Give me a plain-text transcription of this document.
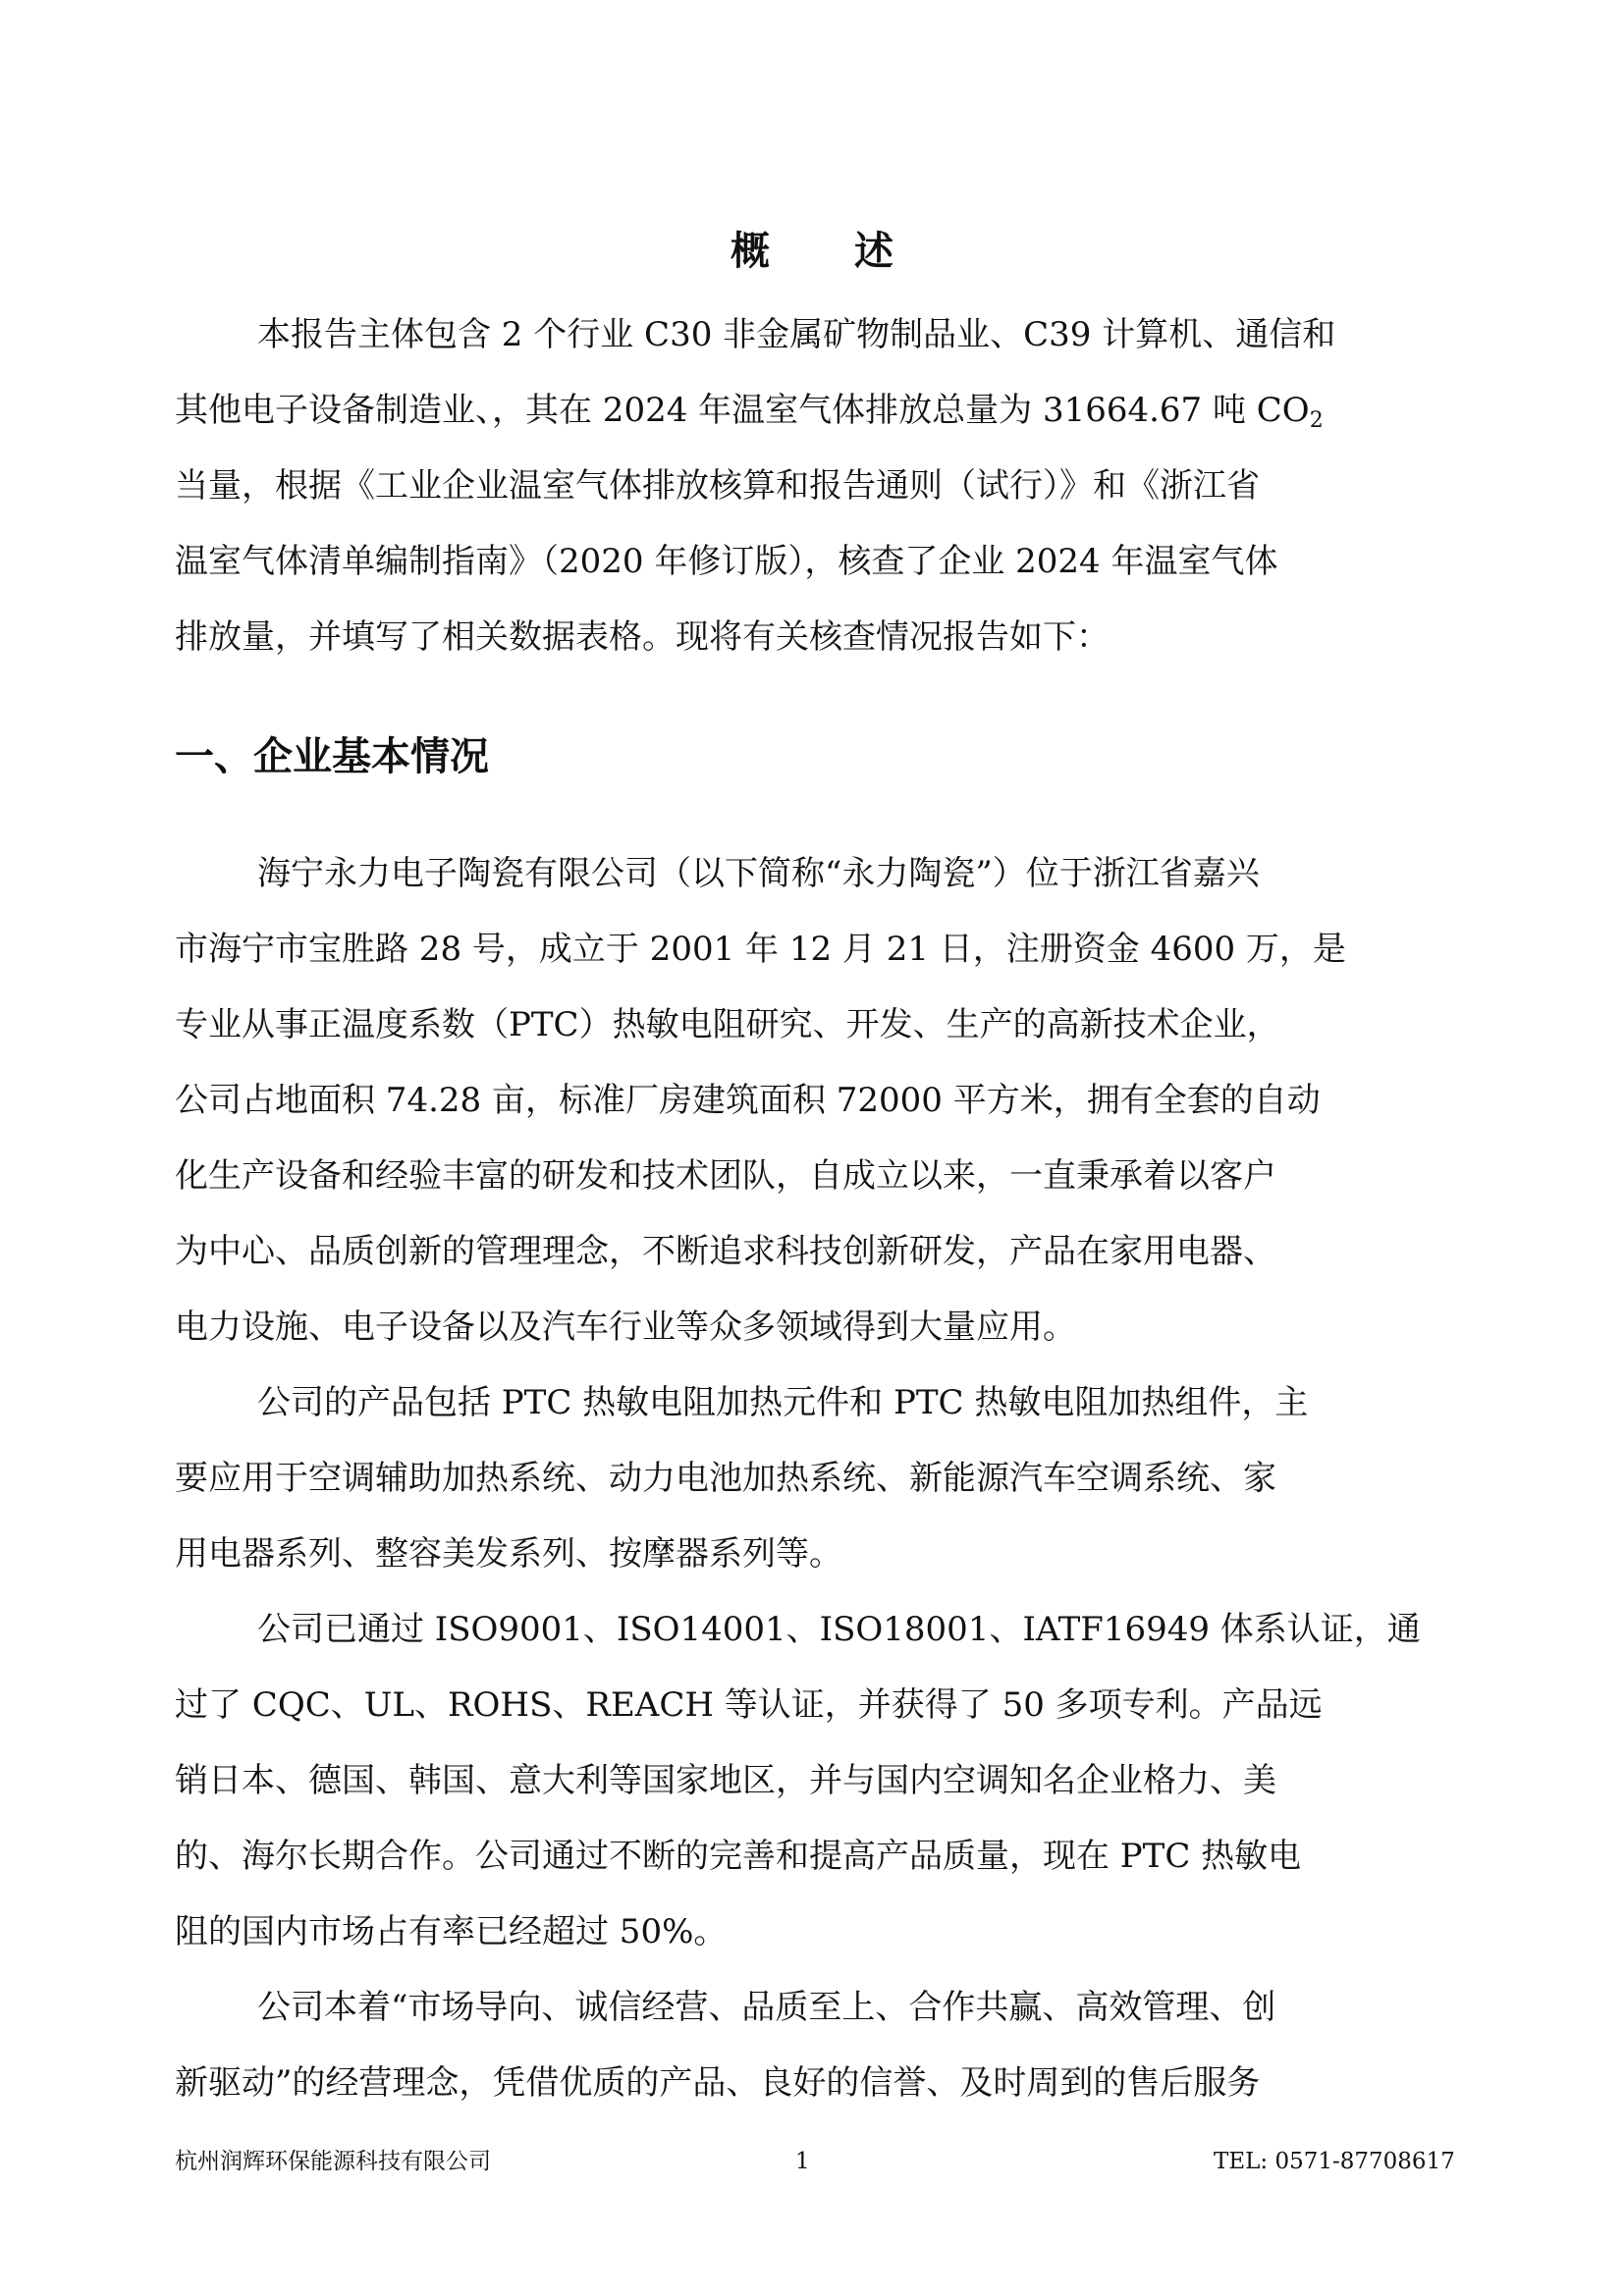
概 述
本报告主体包含 2 个行业 C30 非金属矿物制品业、C39 计算机、通信和
其他电子设备制造业、，其在 2024 年温室气体排放总量为 31664.67 吨 $CO_2$
当量，根据《工业企业温室气体排放核算和报告通则（试行）》和《浙江省
温室气体清单编制指南》（2020 年修订版），核查了企业 2024 年温室气体
排放量，并填写了相关数据表格。现将有关核查情况报告如下：
一、企业基本情况
海宁永力电子陶瓷有限公司（以下简称“永力陶瓷”）位于浙江省嘉兴
市海宁市宝胜路 28 号，成立于 2001 年 12 月 21 日，注册资金 4600 万，是
专业从事正温度系数（PTC）热敏电阻研究、开发、生产的高新技术企业，
公司占地面积 74.28 亩，标准厂房建筑面积 72000 平方米，拥有全套的自动
化生产设备和经验丰富的研发和技术团队，自成立以来，一直秉承着以客户
为中心、品质创新的管理理念，不断追求科技创新研发，产品在家用电器、
电力设施、电子设备以及汽车行业等众多领域得到大量应用。
公司的产品包括 PTC 热敏电阻加热元件和 PTC 热敏电阻加热组件，主
要应用于空调辅助加热系统、动力电池加热系统、新能源汽车空调系统、家
用电器系列、整容美发系列、按摩器系列等。
公司已通过 ISO9001、ISO14001、ISO18001、IATF16949 体系认证，通
过了 CQC、UL、ROHS、REACH 等认证，并获得了 50 多项专利。产品远
销日本、德国、韩国、意大利等国家地区，并与国内空调知名企业格力、美
的、海尔长期合作。公司通过不断的完善和提高产品质量，现在 PTC 热敏电
阻的国内市场占有率已经超过 50%。
公司本着“市场导向、诚信经营、品质至上、合作共赢、高效管理、创
新驱动”的经营理念，凭借优质的产品、良好的信誉、及时周到的售后服务
杭州润辉环保能源科技有限公司	1	TEL: 0571-87708617
